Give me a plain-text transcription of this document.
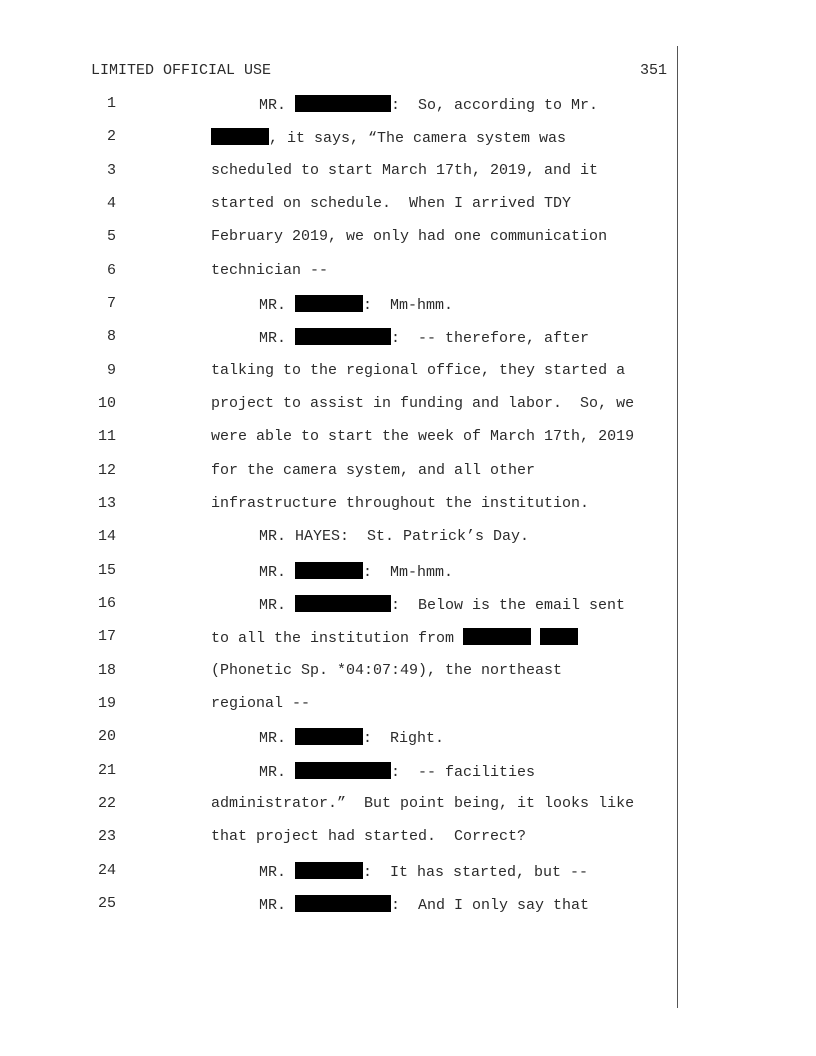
LIMITED OFFICIAL USE	351
1	MR.	:  So, according to Mr.
2	, it says, “The camera system was
3	scheduled to start March 17th, 2019, and it
4	started on schedule.  When I arrived TDY
5	February 2019, we only had one communication
6	technician --
7	MR.	:  Mm-hmm.
8	MR.	:  -- therefore, after
9	talking to the regional office, they started a
10	project to assist in funding and labor.  So, we
11	were able to start the week of March 17th, 2019
12	for the camera system, and all other
13	infrastructure throughout the institution.
14	MR. HAYES:  St. Patrick’s Day.
15	MR.	:  Mm-hmm.
16	MR.	:  Below is the email sent
17	to all the institution from
18	(Phonetic Sp. *04:07:49), the northeast
19	regional --
20	MR.	:  Right.
21	MR.	:  -- facilities
22	administrator.”  But point being, it looks like
23	that project had started.  Correct?
24	MR.	:  It has started, but --
25	MR.	:  And I only say that
